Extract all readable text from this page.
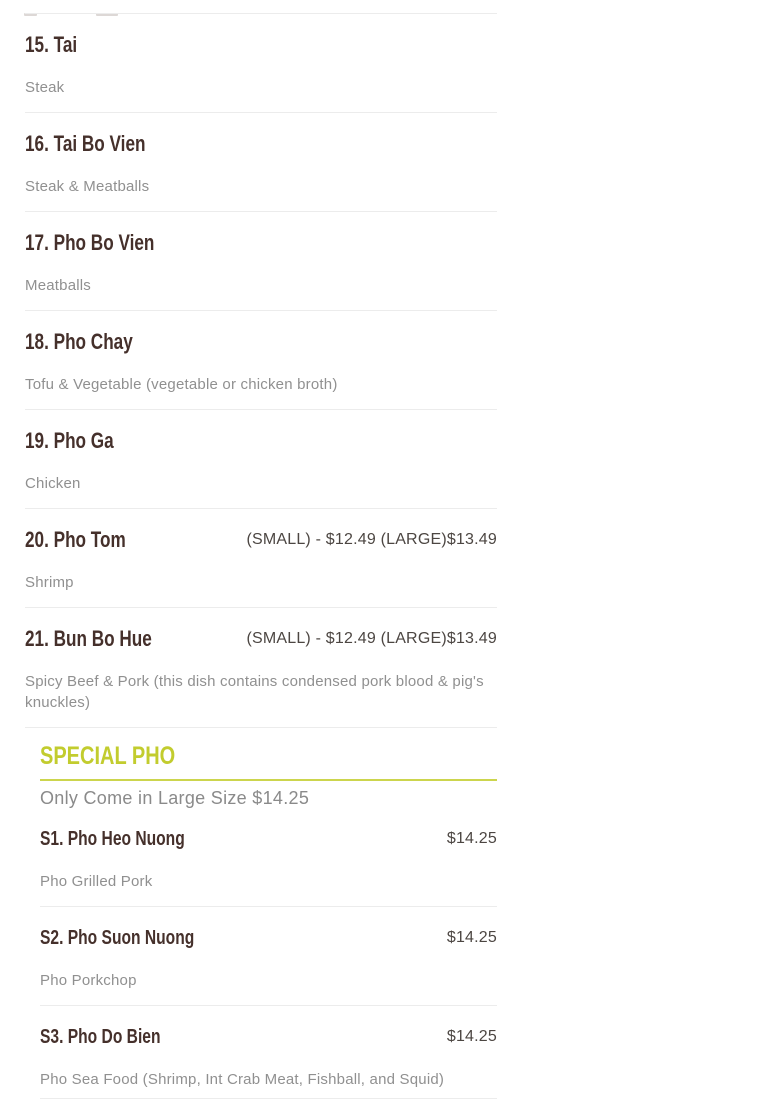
15. Tai
Steak
16. Tai Bo Vien
Steak & Meatballs
17. Pho Bo Vien
Meatballs
18. Pho Chay
Tofu & Vegetable (vegetable or chicken broth)
19. Pho Ga
Chicken
20. Pho Tom	(SMALL) - $12.49 (LARGE)$13.49
Shrimp
21. Bun Bo Hue	(SMALL) - $12.49 (LARGE)$13.49
Spicy Beef & Pork (this dish contains condensed pork blood & pig's knuckles)
SPECIAL PHO
Only Come in Large Size $14.25
S1. Pho Heo Nuong	$14.25
Pho Grilled Pork
S2. Pho Suon Nuong	$14.25
Pho Porkchop
S3. Pho Do Bien	$14.25
Pho Sea Food (Shrimp, Int Crab Meat, Fishball, and Squid)
